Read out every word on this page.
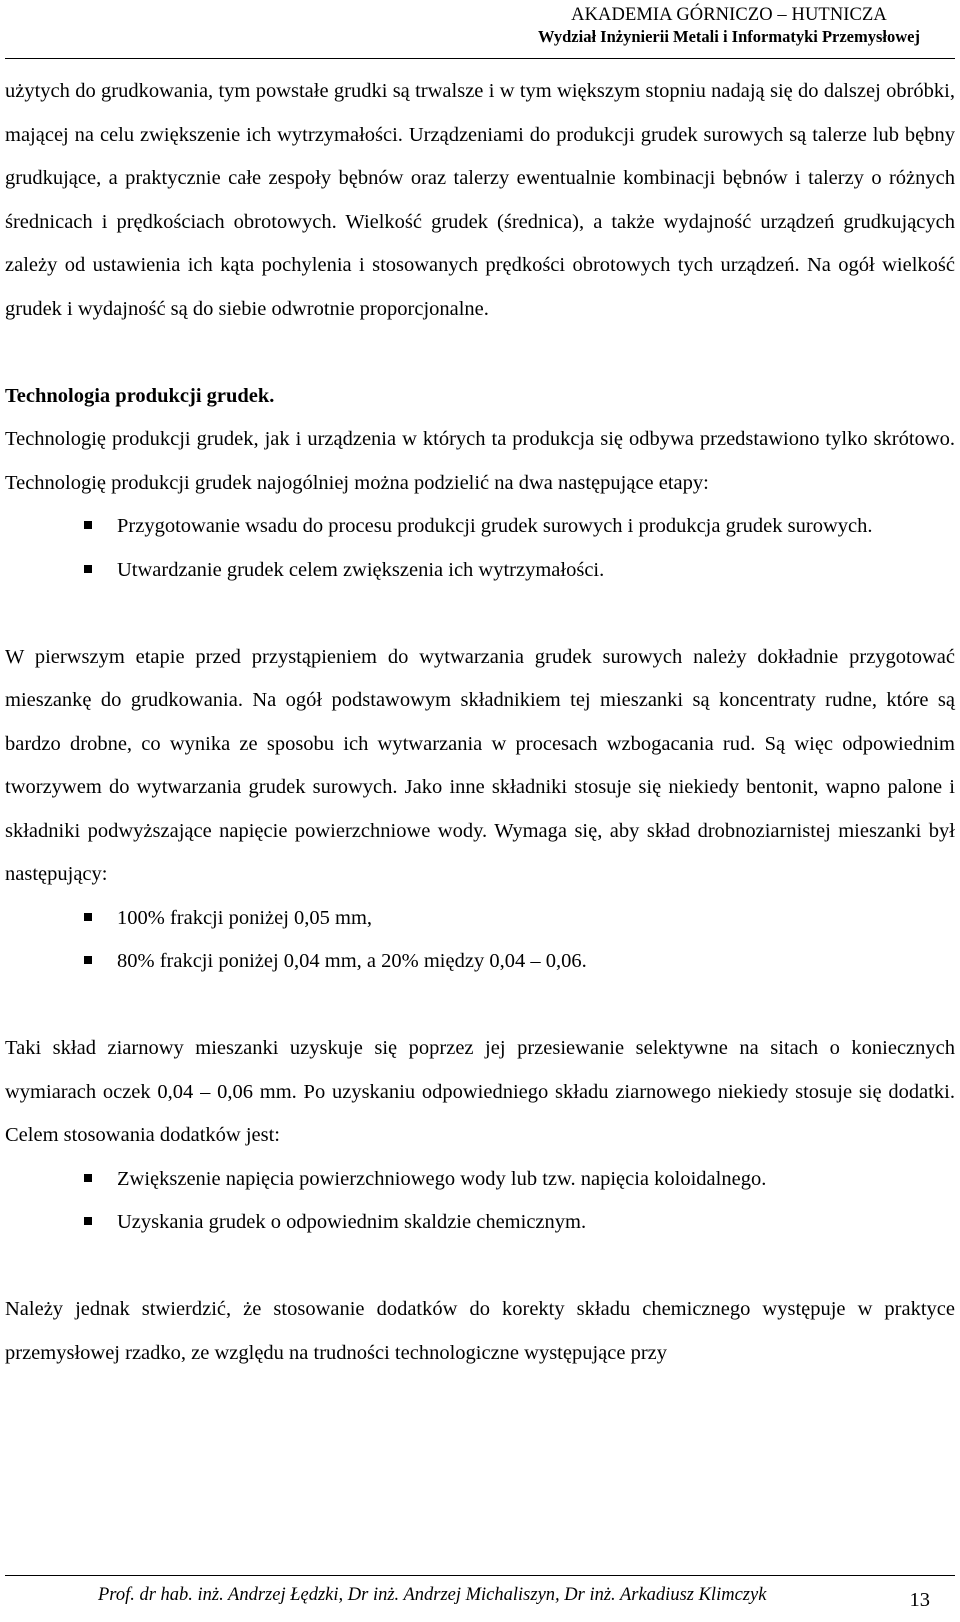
AKADEMIA GÓRNICZO – HUTNICZA
Wydział Inżynierii Metali i Informatyki Przemysłowej

użytych do grudkowania, tym powstałe grudki są trwalsze i w tym większym stopniu nadają się do dalszej obróbki, mającej na celu zwiększenie ich wytrzymałości. Urządzeniami do produkcji grudek surowych są talerze lub bębny grudkujące, a praktycznie całe zespoły bębnów oraz talerzy ewentualnie kombinacji bębnów i talerzy o różnych średnicach i prędkościach obrotowych. Wielkość grudek (średnica), a także wydajność urządzeń grudkujących zależy od ustawienia ich kąta pochylenia i stosowanych prędkości obrotowych tych urządzeń. Na ogół wielkość grudek i wydajność są do siebie odwrotnie proporcjonalne.

Technologia produkcji grudek.

Technologię produkcji grudek, jak i urządzenia w których ta produkcja się odbywa przedstawiono tylko skrótowo. Technologię produkcji grudek najogólniej można podzielić na dwa następujące etapy:

Przygotowanie wsadu do procesu produkcji grudek surowych i produkcja grudek surowych.
Utwardzanie grudek celem zwiększenia ich wytrzymałości.

W pierwszym etapie przed przystąpieniem do wytwarzania grudek surowych należy dokładnie przygotować mieszankę do grudkowania. Na ogół podstawowym składnikiem tej mieszanki są koncentraty rudne, które są bardzo drobne, co wynika ze sposobu ich wytwarzania w procesach wzbogacania rud. Są więc odpowiednim tworzywem do wytwarzania grudek surowych. Jako inne składniki stosuje się niekiedy bentonit, wapno palone i składniki podwyższające napięcie powierzchniowe wody. Wymaga się, aby skład drobnoziarnistej mieszanki był następujący:

100% frakcji poniżej 0,05 mm,
80% frakcji poniżej 0,04 mm, a 20% między 0,04 – 0,06.

Taki skład ziarnowy mieszanki uzyskuje się poprzez jej przesiewanie selektywne na sitach o koniecznych wymiarach oczek 0,04 – 0,06 mm. Po uzyskaniu odpowiedniego składu ziarnowego niekiedy stosuje się dodatki. Celem stosowania dodatków jest:

Zwiększenie napięcia powierzchniowego wody lub tzw. napięcia koloidalnego.
Uzyskania grudek o odpowiednim skaldzie chemicznym.

Należy jednak stwierdzić, że stosowanie dodatków do korekty składu chemicznego występuje w praktyce przemysłowej rzadko, ze względu na trudności technologiczne występujące przy

Prof. dr hab. inż. Andrzej Łędzki, Dr inż. Andrzej Michaliszyn, Dr inż. Arkadiusz Klimczyk	13
